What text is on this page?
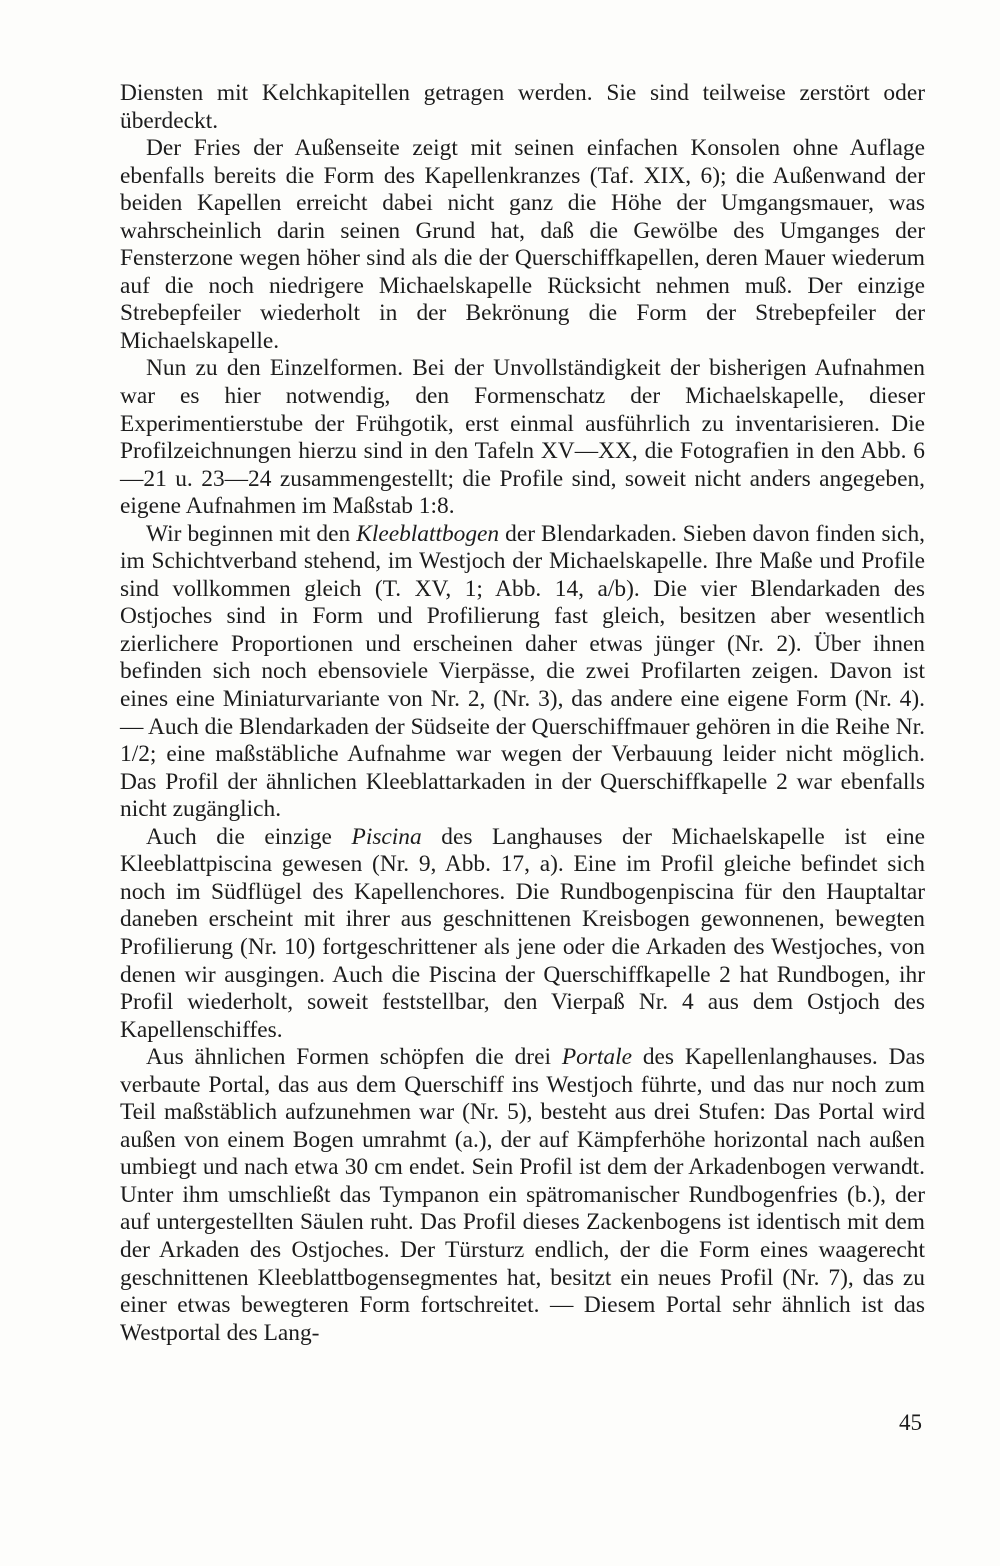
Diensten mit Kelchkapitellen getragen werden. Sie sind teilweise zerstört oder überdeckt.

Der Fries der Außenseite zeigt mit seinen einfachen Konsolen ohne Auflage ebenfalls bereits die Form des Kapellenkranzes (Taf. XIX, 6); die Außenwand der beiden Kapellen erreicht dabei nicht ganz die Höhe der Umgangsmauer, was wahrscheinlich darin seinen Grund hat, daß die Gewölbe des Umganges der Fensterzone wegen höher sind als die der Querschiffkapellen, deren Mauer wiederum auf die noch niedrigere Michaelskapelle Rücksicht nehmen muß. Der einzige Strebepfeiler wiederholt in der Bekrönung die Form der Strebepfeiler der Michaelskapelle.

Nun zu den Einzelformen. Bei der Unvollständigkeit der bisherigen Aufnahmen war es hier notwendig, den Formenschatz der Michaelskapelle, dieser Experimentierstube der Frühgotik, erst einmal ausführlich zu inventarisieren. Die Profilzeichnungen hierzu sind in den Tafeln XV—XX, die Fotografien in den Abb. 6—21 u. 23—24 zusammengestellt; die Profile sind, soweit nicht anders angegeben, eigene Aufnahmen im Maßstab 1:8.

Wir beginnen mit den Kleeblattbogen der Blendarkaden. Sieben davon finden sich, im Schichtverband stehend, im Westjoch der Michaelskapelle. Ihre Maße und Profile sind vollkommen gleich (T. XV, 1; Abb. 14, a/b). Die vier Blendarkaden des Ostjoches sind in Form und Profilierung fast gleich, besitzen aber wesentlich zierlichere Proportionen und erscheinen daher etwas jünger (Nr. 2). Über ihnen befinden sich noch ebensoviele Vierpässe, die zwei Profilarten zeigen. Davon ist eines eine Miniaturvariante von Nr. 2, (Nr. 3), das andere eine eigene Form (Nr. 4). — Auch die Blendarkaden der Südseite der Querschiffmauer gehören in die Reihe Nr. 1/2; eine maßstäbliche Aufnahme war wegen der Verbauung leider nicht möglich. Das Profil der ähnlichen Kleeblattarkaden in der Querschiffkapelle 2 war ebenfalls nicht zugänglich.

Auch die einzige Piscina des Langhauses der Michaelskapelle ist eine Kleeblattpiscina gewesen (Nr. 9, Abb. 17, a). Eine im Profil gleiche befindet sich noch im Südflügel des Kapellenchores. Die Rundbogenpiscina für den Hauptaltar daneben erscheint mit ihrer aus geschnittenen Kreisbogen gewonnenen, bewegten Profilierung (Nr. 10) fortgeschrittener als jene oder die Arkaden des Westjoches, von denen wir ausgingen. Auch die Piscina der Querschiffkapelle 2 hat Rundbogen, ihr Profil wiederholt, soweit feststellbar, den Vierpaß Nr. 4 aus dem Ostjoch des Kapellenschiffes.

Aus ähnlichen Formen schöpfen die drei Portale des Kapellenlanghauses. Das verbaute Portal, das aus dem Querschiff ins Westjoch führte, und das nur noch zum Teil maßstäblich aufzunehmen war (Nr. 5), besteht aus drei Stufen: Das Portal wird außen von einem Bogen umrahmt (a.), der auf Kämpferhöhe horizontal nach außen umbiegt und nach etwa 30 cm endet. Sein Profil ist dem der Arkadenbogen verwandt. Unter ihm umschließt das Tympanon ein spätromanischer Rundbogenfries (b.), der auf untergestellten Säulen ruht. Das Profil dieses Zackenbogens ist identisch mit dem der Arkaden des Ostjoches. Der Türsturz endlich, der die Form eines waagerecht geschnittenen Kleeblattbogensegmentes hat, besitzt ein neues Profil (Nr. 7), das zu einer etwas bewegteren Form fortschreitet. — Diesem Portal sehr ähnlich ist das Westportal des Lang-

45
